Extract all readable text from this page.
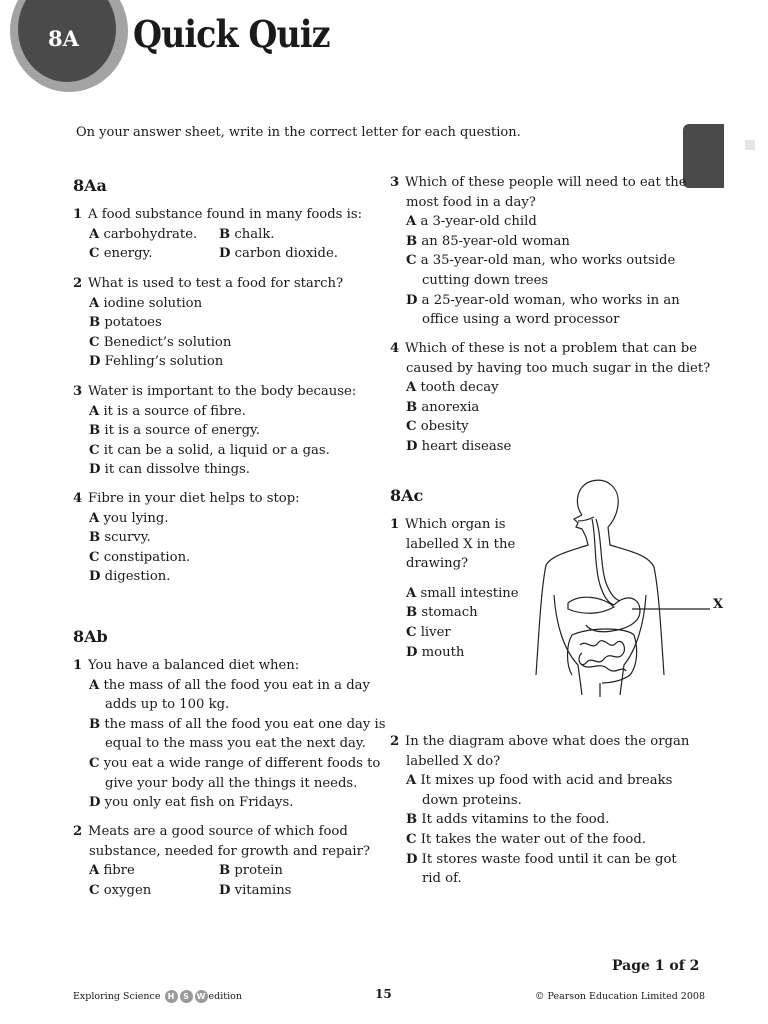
8A Quick Quiz
On your answer sheet, write in the correct letter for each question.
8Aa
1 A food substance found in many foods is:
A carbohydrate.	B chalk.
C energy.	D carbon dioxide.
2 What is used to test a food for starch?
A iodine solution
B potatoes
C Benedict’s solution
D Fehling’s solution
3 Water is important to the body because:
A it is a source of fibre.
B it is a source of energy.
C it can be a solid, a liquid or a gas.
D it can dissolve things.
4 Fibre in your diet helps to stop:
A you lying.
B scurvy.
C constipation.
D digestion.
8Ab
1 You have a balanced diet when:
A the mass of all the food you eat in a day
adds up to 100 kg.
B the mass of all the food you eat one day is
equal to the mass you eat the next day.
C you eat a wide range of different foods to
give your body all the things it needs.
D you only eat fish on Fridays.
2 Meats are a good source of which food
substance, needed for growth and repair?
A fibre	B protein
C oxygen	D vitamins
3 Which of these people will need to eat the
most food in a day?
A a 3-year-old child
B an 85-year-old woman
C a 35-year-old man, who works outside
cutting down trees
D a 25-year-old woman, who works in an
office using a word processor
4 Which of these is not a problem that can be
caused by having too much sugar in the diet?
A tooth decay
B anorexia
C obesity
D heart disease
8Ac
1 Which organ is
labelled X in the
drawing?
A small intestine
B stomach
C liver
D mouth
X
2 In the diagram above what does the organ
labelled X do?
A It mixes up food with acid and breaks
down proteins.
B It adds vitamins to the food.
C It takes the water out of the food.
D It stores waste food until it can be got
rid of.
Page 1 of 2
Exploring Science
H	S W edition	15	© Pearson Education Limited 2008
